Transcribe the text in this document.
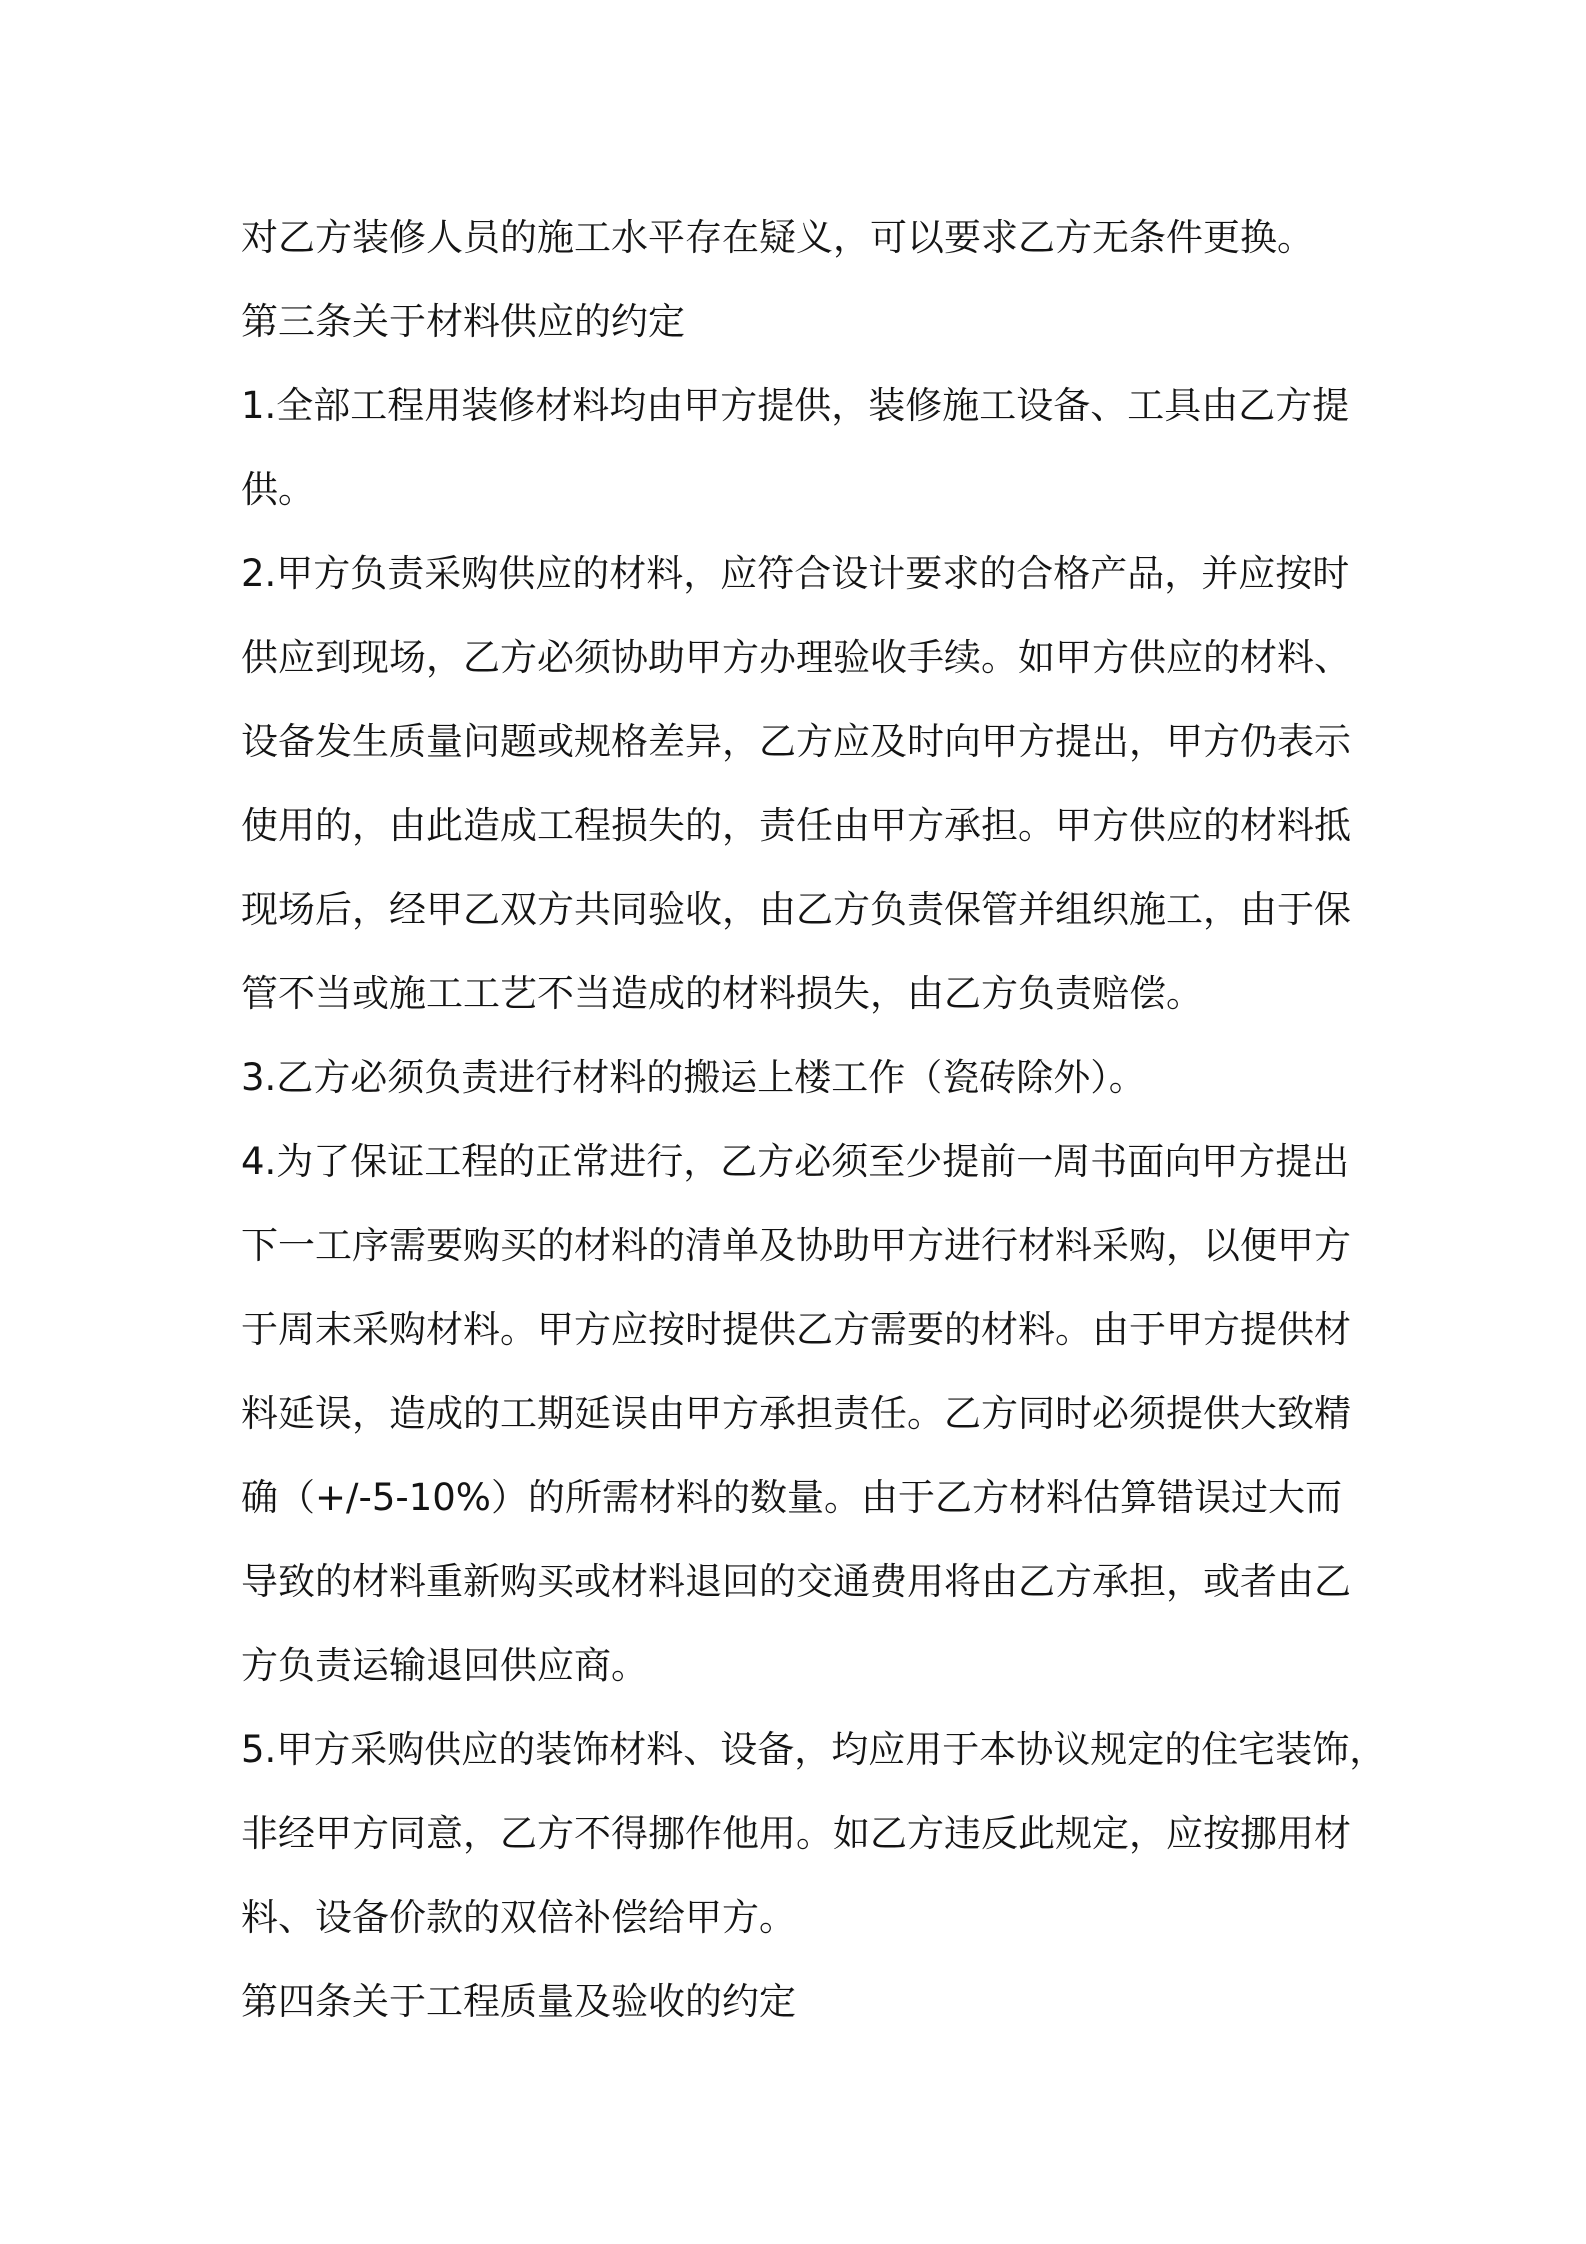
对乙方装修人员的施工水平存在疑义，可以要求乙方无条件更换。

第三条关于材料供应的约定

1.全部工程用装修材料均由甲方提供，装修施工设备、工具由乙方提

供。

2.甲方负责采购供应的材料，应符合设计要求的合格产品，并应按时

供应到现场，乙方必须协助甲方办理验收手续。如甲方供应的材料、

设备发生质量问题或规格差异，乙方应及时向甲方提出，甲方仍表示

使用的，由此造成工程损失的，责任由甲方承担。甲方供应的材料抵

现场后，经甲乙双方共同验收，由乙方负责保管并组织施工，由于保

管不当或施工工艺不当造成的材料损失，由乙方负责赔偿。

3.乙方必须负责进行材料的搬运上楼工作（瓷砖除外）。

4.为了保证工程的正常进行，乙方必须至少提前一周书面向甲方提出

下一工序需要购买的材料的清单及协助甲方进行材料采购，以便甲方

于周末采购材料。甲方应按时提供乙方需要的材料。由于甲方提供材

料延误，造成的工期延误由甲方承担责任。乙方同时必须提供大致精

确（+/-5-10%）的所需材料的数量。由于乙方材料估算错误过大而

导致的材料重新购买或材料退回的交通费用将由乙方承担，或者由乙

方负责运输退回供应商。

5.甲方采购供应的装饰材料、设备，均应用于本协议规定的住宅装饰，

非经甲方同意，乙方不得挪作他用。如乙方违反此规定，应按挪用材

料、设备价款的双倍补偿给甲方。

第四条关于工程质量及验收的约定
